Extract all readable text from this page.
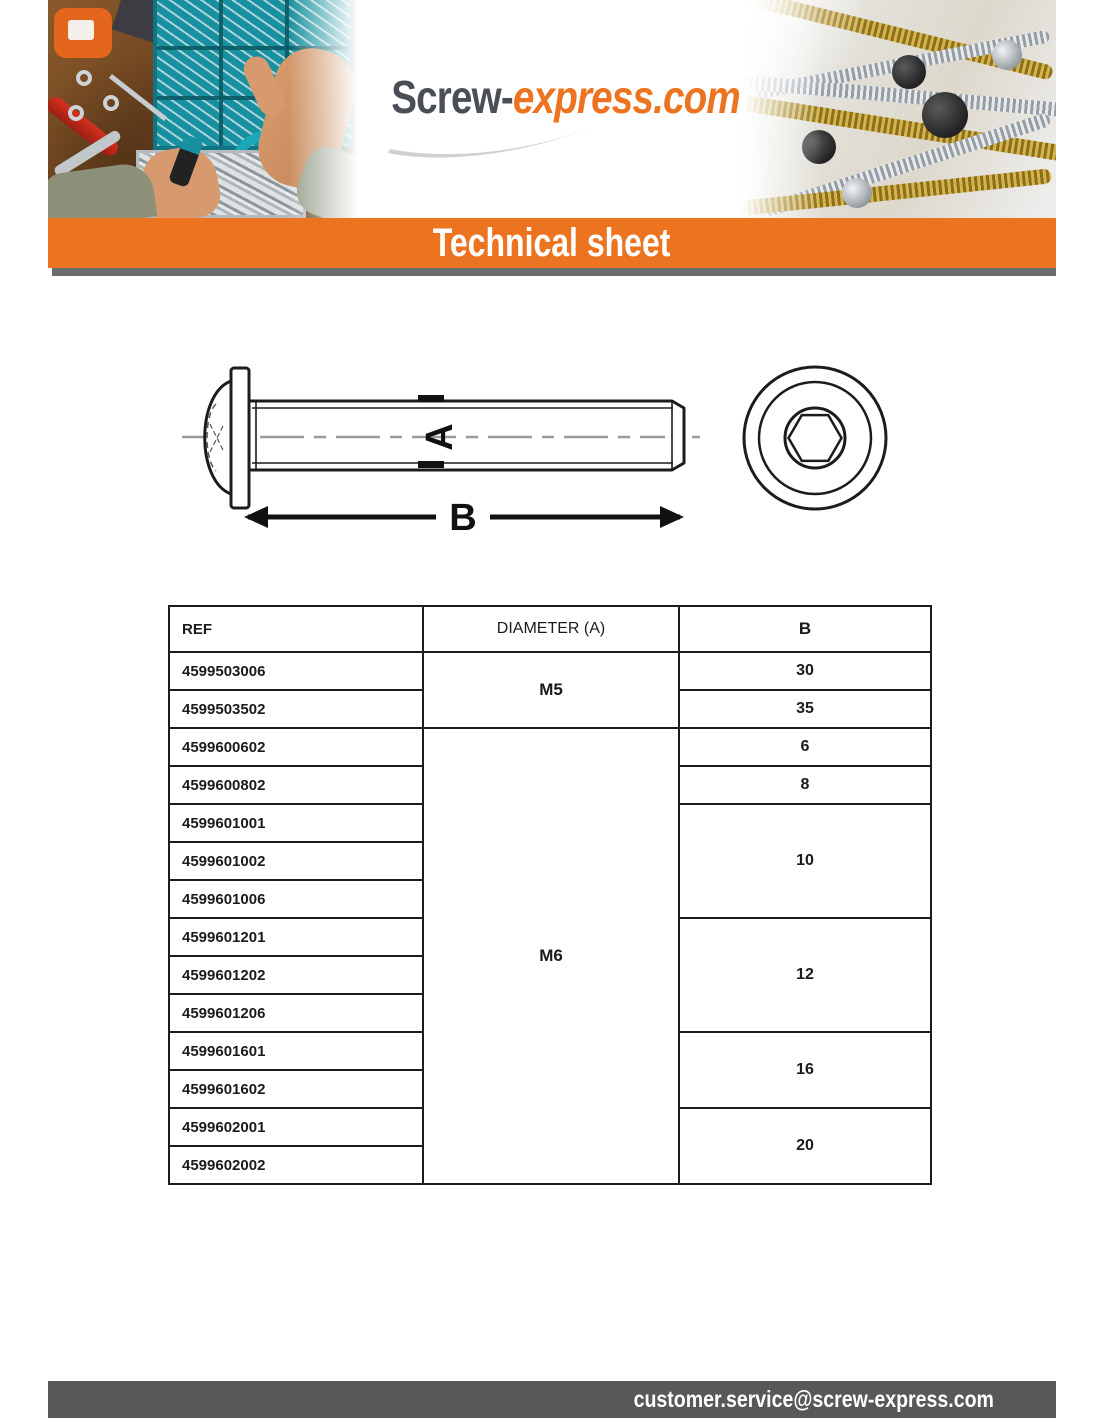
Screw-express.com
Technical sheet
A
B
REF	DIAMETER (A)	B
4599503006	M5	30
4599503502		35
4599600602	M6	6
4599600802		8
4599601001		10
4599601002		
4599601006		
4599601201		12
4599601202		
4599601206		
4599601601		16
4599601602		
4599602001		20
4599602002		
customer.service@screw-express.com
